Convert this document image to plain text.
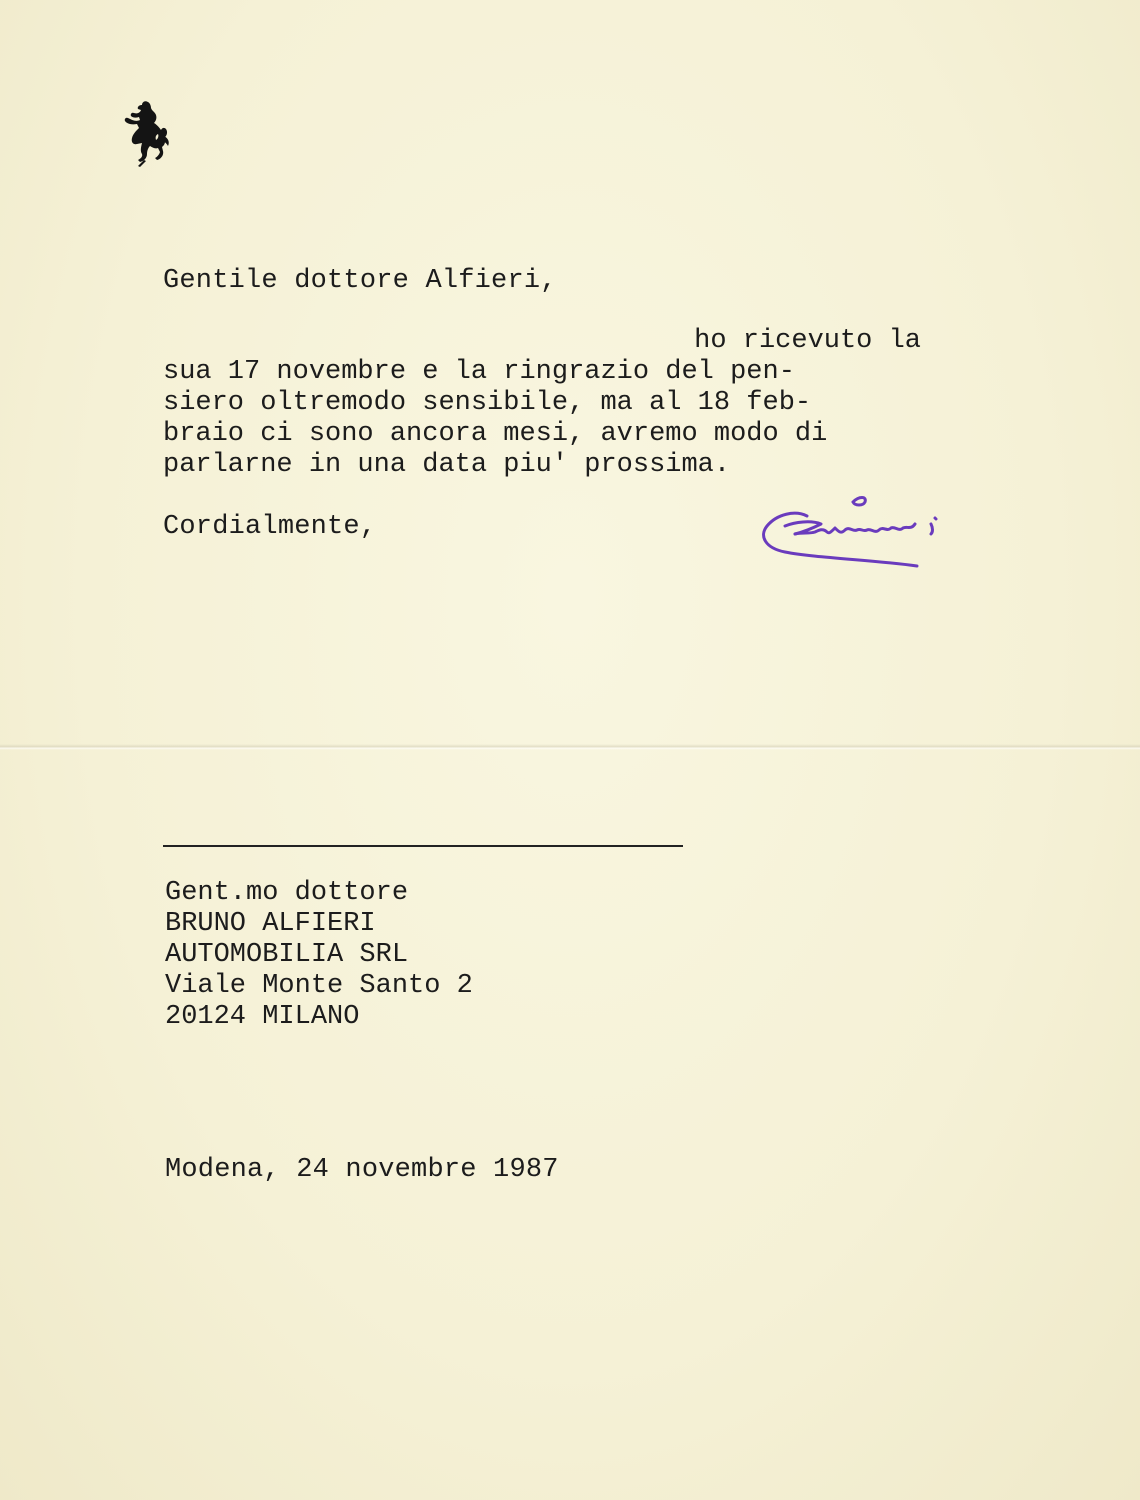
Gentile dottore Alfieri,

ho ricevuto la
sua 17 novembre e la ringrazio del pen-
siero oltremodo sensibile, ma al 18 feb-
braio ci sono ancora mesi, avremo modo di
parlarne in una data piu' prossima.

Cordialmente,

Gent.mo dottore
BRUNO ALFIERI
AUTOMOBILIA SRL
Viale Monte Santo 2
20124 MILANO

Modena, 24 novembre 1987
